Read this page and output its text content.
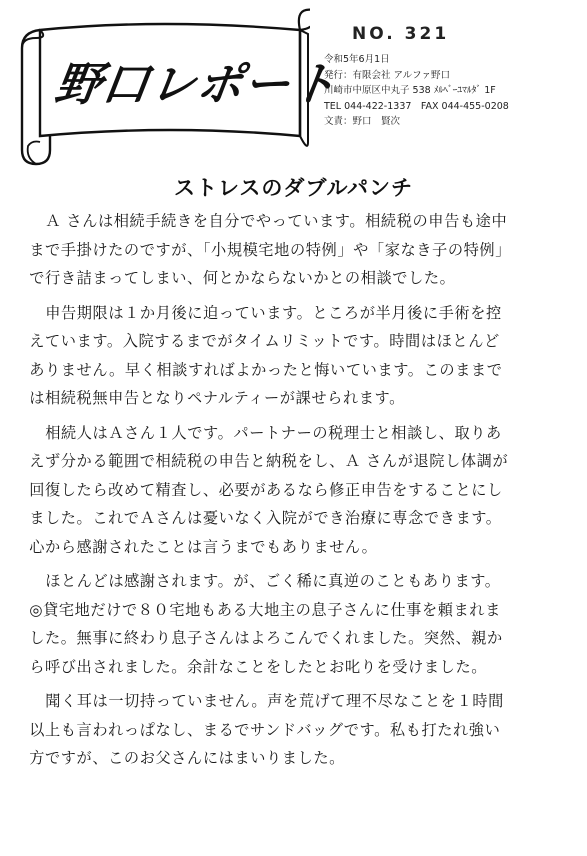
野口レポート
NO. 321
令和5年6月1日
発行：有限会社 アルファ野口
川崎市中原区中丸子 538 ﾒﾙﾍﾞｰﾕﾏﾙﾀﾞ 1F
TEL 044-422-1337　FAX 044-455-0208
文責：野口　賢次
ストレスのダブルパンチ
Ａ さんは相続手続きを自分でやっています。相続税の申告も途中
まで手掛けたのですが、「小規模宅地の特例」や「家なき子の特例」
で行き詰まってしまい、何とかならないかとの相談でした。
申告期限は１か月後に迫っています。ところが半月後に手術を控
えています。入院するまでがタイムリミットです。時間はほとんど
ありません。早く相談すればよかったと悔いています。このままで
は相続税無申告となりペナルティーが課せられます。
相続人はＡさん１人です。パートナーの税理士と相談し、取りあ
えず分かる範囲で相続税の申告と納税をし、Ａ さんが退院し体調が
回復したら改めて精査し、必要があるなら修正申告をすることにし
ました。これでＡさんは憂いなく入院ができ治療に専念できます。
心から感謝されたことは言うまでもありません。
ほとんどは感謝されます。が、ごく稀に真逆のこともあります。
◎貸宅地だけで８０宅地もある大地主の息子さんに仕事を頼まれま
した。無事に終わり息子さんはよろこんでくれました。突然、親か
ら呼び出されました。余計なことをしたとお叱りを受けました。
聞く耳は一切持っていません。声を荒げて理不尽なことを１時間
以上も言われっぱなし、まるでサンドバッグです。私も打たれ強い
方ですが、このお父さんにはまいりました。
